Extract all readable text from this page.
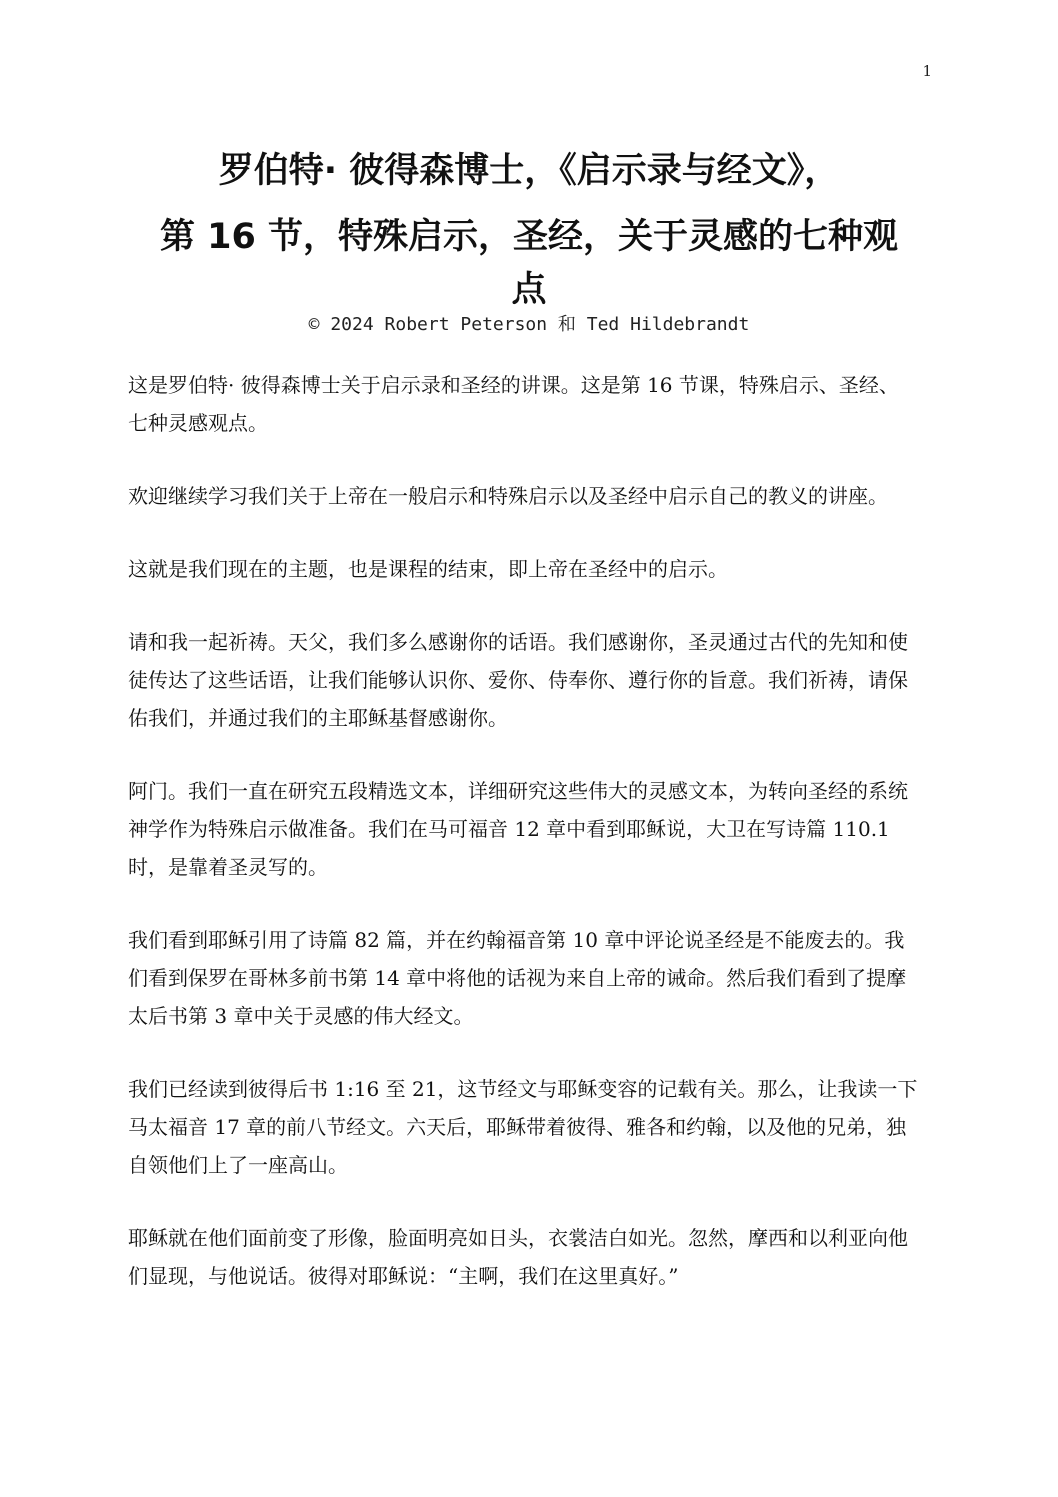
1
罗伯特· 彼得森博士，《启示录与经文》，
第 16 节，特殊启示，圣经，关于灵感的七种观
点
© 2024 Robert Peterson 和 Ted Hildebrandt

这是罗伯特· 彼得森博士关于启示录和圣经的讲课。这是第 16 节课，特殊启示、圣经、七种灵感观点。

欢迎继续学习我们关于上帝在一般启示和特殊启示以及圣经中启示自己的教义的讲座。

这就是我们现在的主题，也是课程的结束，即上帝在圣经中的启示。

请和我一起祈祷。天父，我们多么感谢你的话语。我们感谢你，圣灵通过古代的先知和使徒传达了这些话语，让我们能够认识你、爱你、侍奉你、遵行你的旨意。我们祈祷，请保佑我们，并通过我们的主耶稣基督感谢你。

阿门。我们一直在研究五段精选文本，详细研究这些伟大的灵感文本，为转向圣经的系统神学作为特殊启示做准备。我们在马可福音 12 章中看到耶稣说，大卫在写诗篇 110.1 时，是靠着圣灵写的。

我们看到耶稣引用了诗篇 82 篇，并在约翰福音第 10 章中评论说圣经是不能废去的。我们看到保罗在哥林多前书第 14 章中将他的话视为来自上帝的诫命。然后我们看到了提摩太后书第 3 章中关于灵感的伟大经文。

我们已经读到彼得后书 1:16 至 21，这节经文与耶稣变容的记载有关。那么，让我读一下马太福音 17 章的前八节经文。六天后，耶稣带着彼得、雅各和约翰，以及他的兄弟，独自领他们上了一座高山。

耶稣就在他们面前变了形像，脸面明亮如日头，衣裳洁白如光。忽然，摩西和以利亚向他们显现，与他说话。彼得对耶稣说：“主啊，我们在这里真好。”
